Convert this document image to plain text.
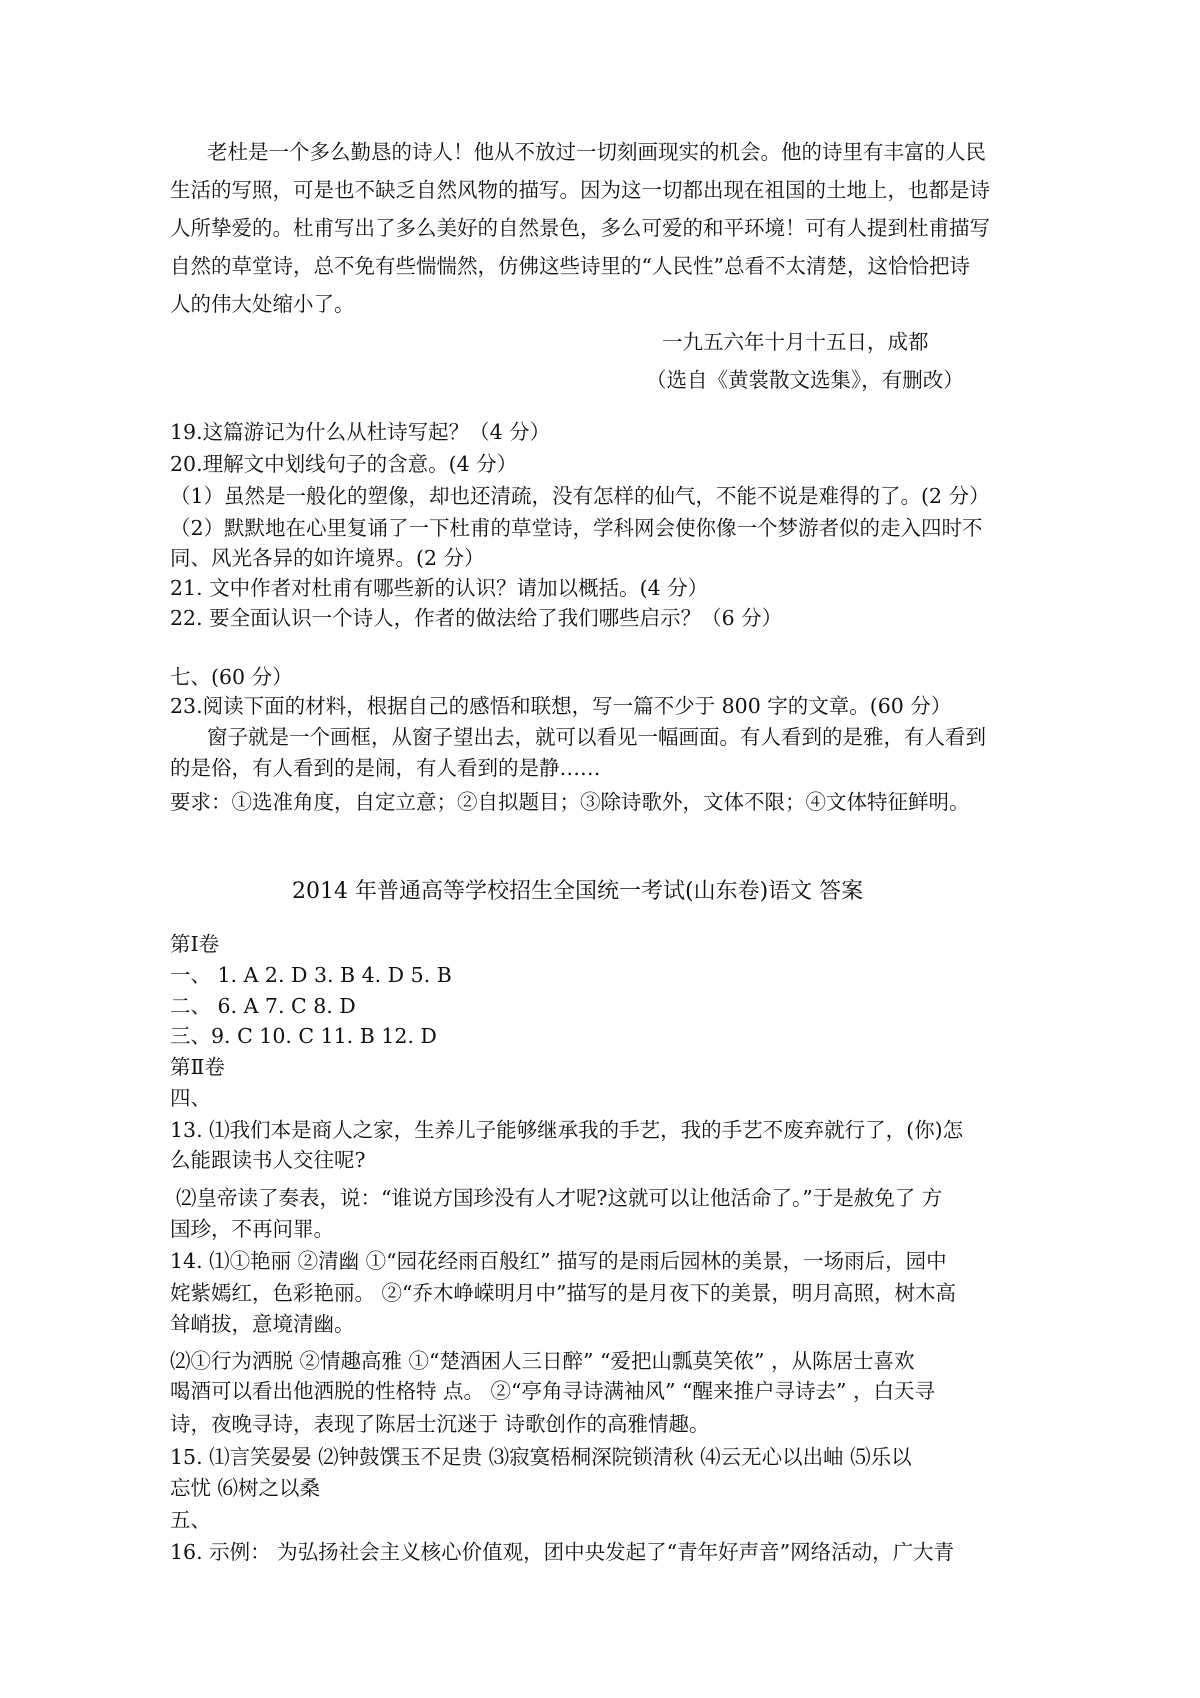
老杜是一个多么勤恳的诗人！他从不放过一切刻画现实的机会。他的诗里有丰富的人民
生活的写照，可是也不缺乏自然风物的描写。因为这一切都出现在祖国的土地上，也都是诗
人所挚爱的。杜甫写出了多么美好的自然景色，多么可爱的和平环境！可有人提到杜甫描写
自然的草堂诗，总不免有些惴惴然，仿佛这些诗里的“人民性”总看不太清楚，这恰恰把诗
人的伟大处缩小了。
一九五六年十月十五日，成都
（选自《黄裳散文选集》，有删改）
19.这篇游记为什么从杜诗写起？（4 分）
20.理解文中划线句子的含意。(4 分）
（1）虽然是一般化的塑像，却也还清疏，没有怎样的仙气，不能不说是难得的了。(2 分）
（2）默默地在心里复诵了一下杜甫的草堂诗，学科网会使你像一个梦游者似的走入四时不
同、风光各异的如许境界。(2 分）
21. 文中作者对杜甫有哪些新的认识？请加以概括。(4 分）
22. 要全面认识一个诗人，作者的做法给了我们哪些启示？（6 分）
七、(60 分）
23.阅读下面的材料，根据自己的感悟和联想，写一篇不少于 800 字的文章。(60 分）
窗子就是一个画框，从窗子望出去，就可以看见一幅画面。有人看到的是雅，有人看到
的是俗，有人看到的是闹，有人看到的是静……
要求：①选准角度，自定立意；②自拟题目；③除诗歌外，文体不限；④文体特征鲜明。
2014 年普通高等学校招生全国统一考试(山东卷)语文 答案
第Ⅰ卷
一、 1. A 2. D 3. B 4. D 5. B
二、 6. A 7. C 8. D
三、9. C 10. C 11. B 12. D
第Ⅱ卷
四、
13. ⑴我们本是商人之家，生养儿子能够继承我的手艺，我的手艺不废弃就行了，(你)怎
么能跟读书人交往呢?
⑵皇帝读了奏表，说：“谁说方国珍没有人才呢?这就可以让他活命了。”于是赦免了 方
国珍，不再问罪。
14. ⑴①艳丽 ②清幽 ①“园花经雨百般红” 描写的是雨后园林的美景，一场雨后，园中
姹紫嫣红，色彩艳丽。 ②“乔木峥嵘明月中”描写的是月夜下的美景，明月高照，树木高
耸峭拔，意境清幽。
⑵①行为洒脱 ②情趣高雅 ①“楚酒困人三日醉” “爱把山瓢莫笑侬” ，从陈居士喜欢
喝酒可以看出他洒脱的性格特 点。 ②“亭角寻诗满袖风” “醒来推户寻诗去” ，白天寻
诗，夜晚寻诗，表现了陈居士沉迷于 诗歌创作的高雅情趣。
15. ⑴言笑晏晏 ⑵钟鼓馔玉不足贵 ⑶寂寞梧桐深院锁清秋 ⑷云无心以出岫 ⑸乐以
忘忧 ⑹树之以桑
五、
16. 示例： 为弘扬社会主义核心价值观，团中央发起了“青年好声音”网络活动，广大青
